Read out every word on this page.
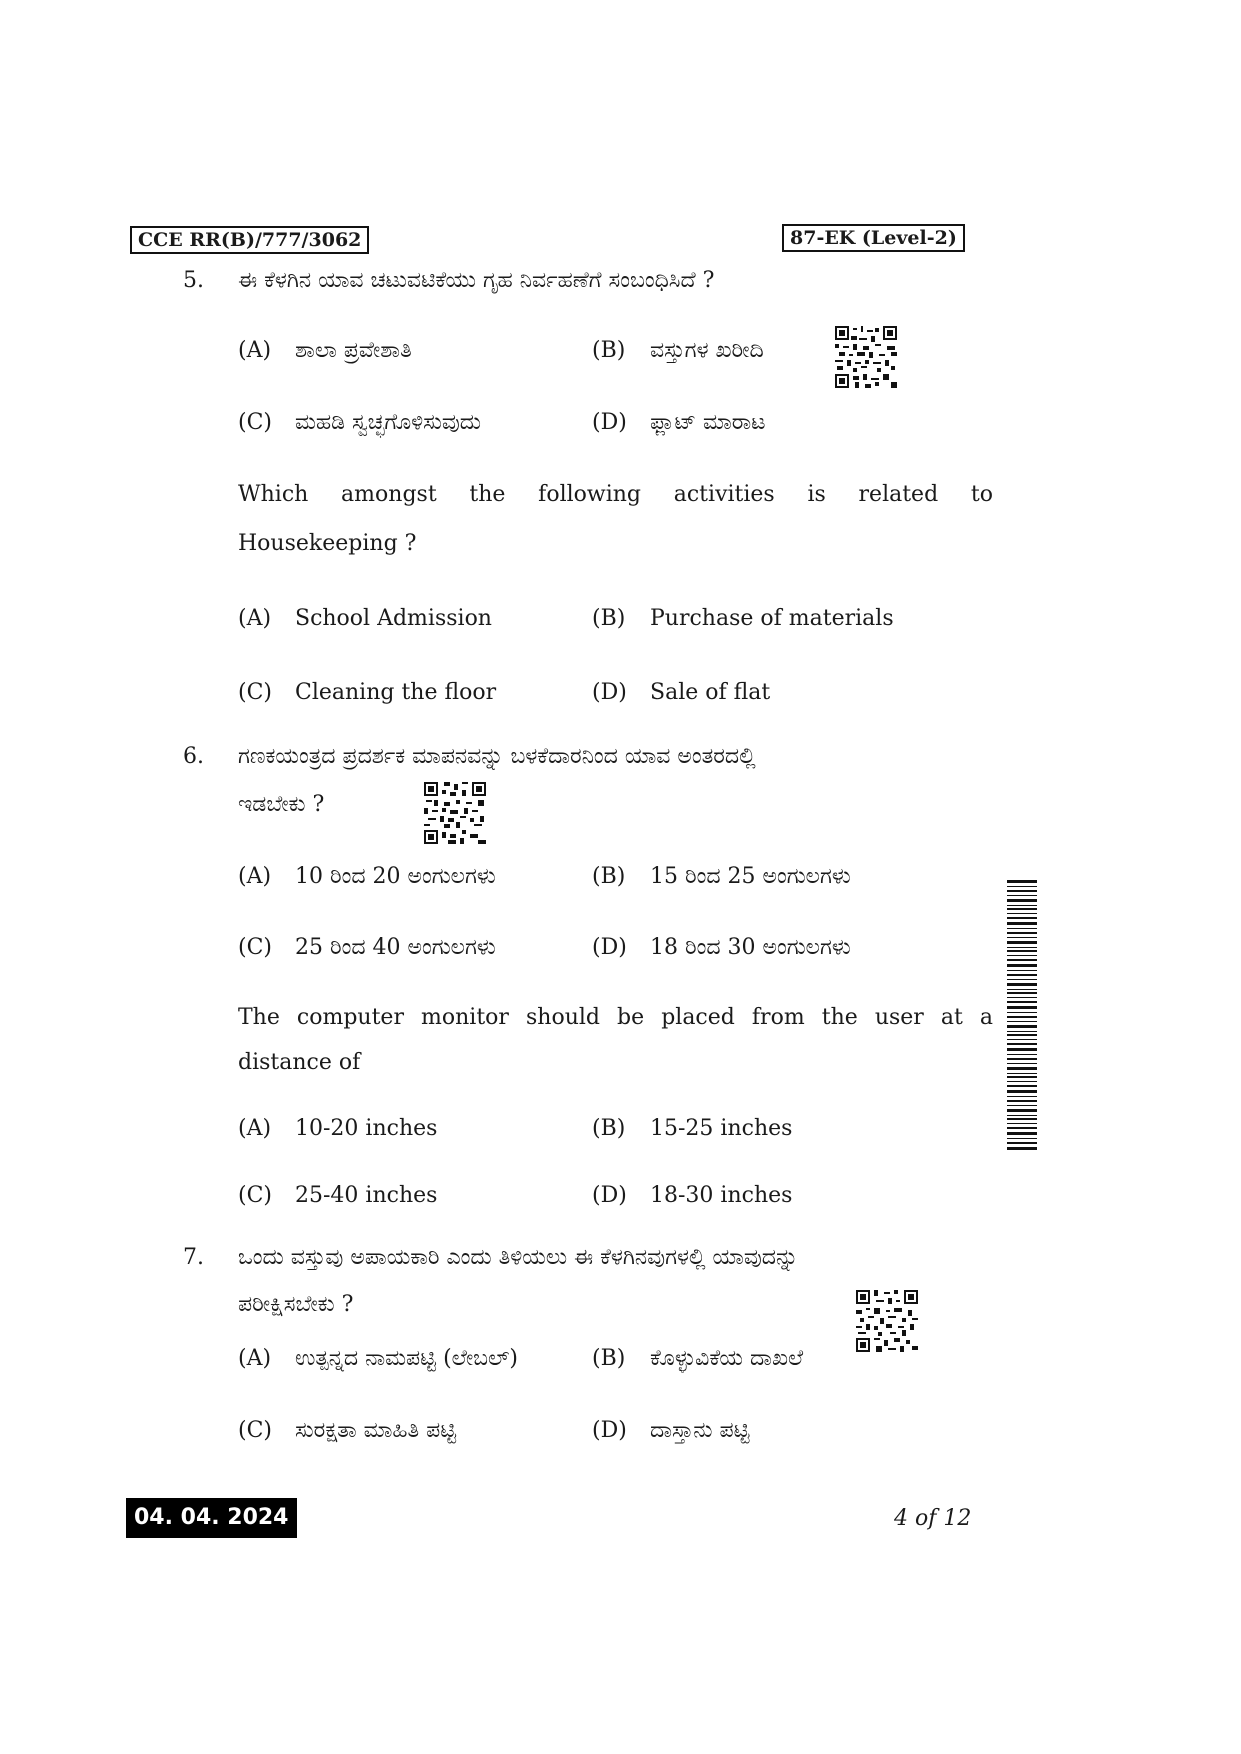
CCE RR(B)/777/3062	87-EK (Level-2)
5. ಈ ಕೆಳಗಿನ ಯಾವ ಚಟುವಟಿಕೆಯು ಗೃಹ ನಿರ್ವಹಣೆಗೆ ಸಂಬಂಧಿಸಿದೆ ?
(A) ಶಾಲಾ ಪ್ರವೇಶಾತಿ	(B) ವಸ್ತುಗಳ ಖರೀದಿ
(C) ಮಹಡಿ ಸ್ವಚ್ಛಗೊಳಿಸುವುದು	(D) ಫ್ಲಾಟ್ ಮಾರಾಟ
Which amongst the following activities is related to
Housekeeping ?
(A) School Admission	(B) Purchase of materials
(C) Cleaning the floor	(D) Sale of flat
6. ಗಣಕಯಂತ್ರದ ಪ್ರದರ್ಶಕ ಮಾಪನವನ್ನು ಬಳಕೆದಾರನಿಂದ ಯಾವ ಅಂತರದಲ್ಲಿ
ಇಡಬೇಕು ?
(A) 10 ರಿಂದ 20 ಅಂಗುಲಗಳು	(B) 15 ರಿಂದ 25 ಅಂಗುಲಗಳು
(C) 25 ರಿಂದ 40 ಅಂಗುಲಗಳು	(D) 18 ರಿಂದ 30 ಅಂಗುಲಗಳು
The computer monitor should be placed from the user at a
distance of
(A) 10-20 inches	(B) 15-25 inches
(C) 25-40 inches	(D) 18-30 inches
7. ಒಂದು ವಸ್ತುವು ಅಪಾಯಕಾರಿ ಎಂದು ತಿಳಿಯಲು ಈ ಕೆಳಗಿನವುಗಳಲ್ಲಿ ಯಾವುದನ್ನು
ಪರೀಕ್ಷಿಸಬೇಕು ?
(A) ಉತ್ಪನ್ನದ ನಾಮಪಟ್ಟಿ (ಲೇಬಲ್)	(B) ಕೊಳ್ಳುವಿಕೆಯ ದಾಖಲೆ
(C) ಸುರಕ್ಷತಾ ಮಾಹಿತಿ ಪಟ್ಟಿ	(D) ದಾಸ್ತಾನು ಪಟ್ಟಿ
04. 04. 2024	4 of 12
